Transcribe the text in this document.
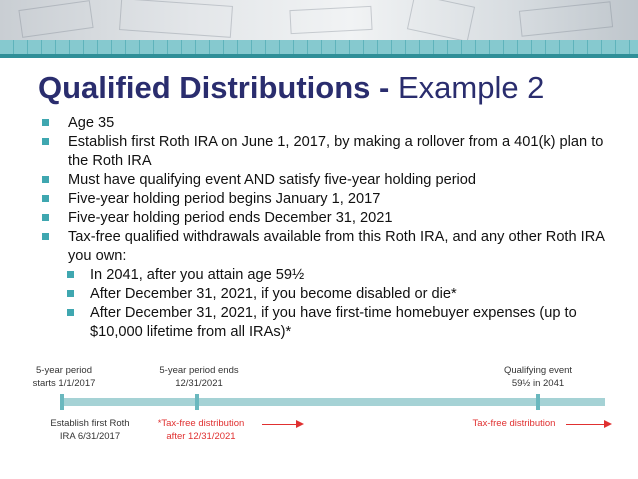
Qualified Distributions - Example 2
Age 35
Establish first Roth IRA on June 1, 2017, by making a rollover from a 401(k) plan to the Roth IRA
Must have qualifying event AND satisfy five-year holding period
Five-year holding period begins January 1, 2017
Five-year holding period ends December 31, 2021
Tax-free qualified withdrawals available from this Roth IRA, and any other Roth IRA you own:
In 2041, after you attain age 59½
After December 31, 2021, if you become disabled or die*
After December 31, 2021, if you have first-time homebuyer expenses (up to $10,000 lifetime from all IRAs)*
5-year period
starts 1/1/2017
5-year period ends
12/31/2021
Qualifying event
59½ in 2041
Establish first Roth
IRA 6/31/2017
*Tax-free distribution
after 12/31/2021
Tax-free distribution
